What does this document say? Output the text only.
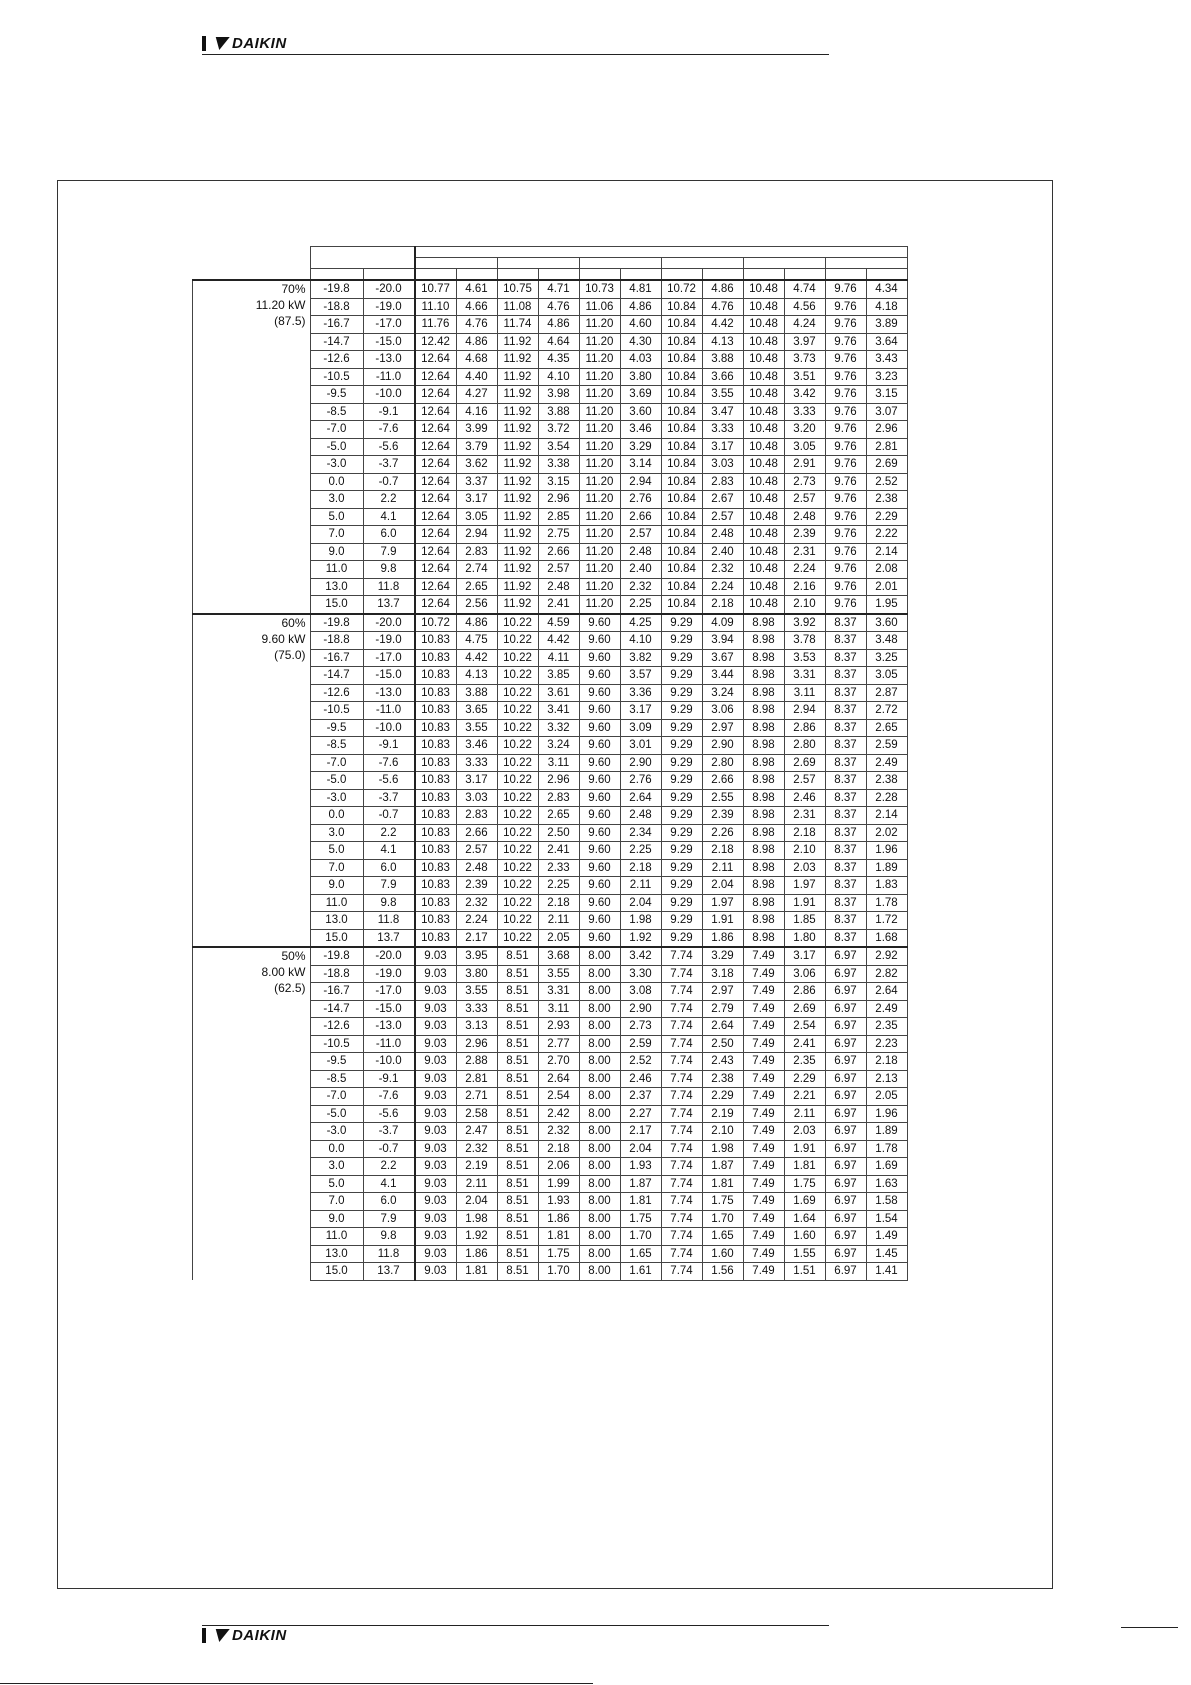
DAIKIN

70%
11.20 kW
(87.5)	-19.8	-20.0	10.77	4.61	10.75	4.71	10.73	4.81	10.72	4.86	10.48	4.74	9.76	4.34
	-18.8	-19.0	11.10	4.66	11.08	4.76	11.06	4.86	10.84	4.76	10.48	4.56	9.76	4.18
	-16.7	-17.0	11.76	4.76	11.74	4.86	11.20	4.60	10.84	4.42	10.48	4.24	9.76	3.89
	-14.7	-15.0	12.42	4.86	11.92	4.64	11.20	4.30	10.84	4.13	10.48	3.97	9.76	3.64
	-12.6	-13.0	12.64	4.68	11.92	4.35	11.20	4.03	10.84	3.88	10.48	3.73	9.76	3.43
	-10.5	-11.0	12.64	4.40	11.92	4.10	11.20	3.80	10.84	3.66	10.48	3.51	9.76	3.23
	-9.5	-10.0	12.64	4.27	11.92	3.98	11.20	3.69	10.84	3.55	10.48	3.42	9.76	3.15
	-8.5	-9.1	12.64	4.16	11.92	3.88	11.20	3.60	10.84	3.47	10.48	3.33	9.76	3.07
	-7.0	-7.6	12.64	3.99	11.92	3.72	11.20	3.46	10.84	3.33	10.48	3.20	9.76	2.96
	-5.0	-5.6	12.64	3.79	11.92	3.54	11.20	3.29	10.84	3.17	10.48	3.05	9.76	2.81
	-3.0	-3.7	12.64	3.62	11.92	3.38	11.20	3.14	10.84	3.03	10.48	2.91	9.76	2.69
	0.0	-0.7	12.64	3.37	11.92	3.15	11.20	2.94	10.84	2.83	10.48	2.73	9.76	2.52
	3.0	2.2	12.64	3.17	11.92	2.96	11.20	2.76	10.84	2.67	10.48	2.57	9.76	2.38
	5.0	4.1	12.64	3.05	11.92	2.85	11.20	2.66	10.84	2.57	10.48	2.48	9.76	2.29
	7.0	6.0	12.64	2.94	11.92	2.75	11.20	2.57	10.84	2.48	10.48	2.39	9.76	2.22
	9.0	7.9	12.64	2.83	11.92	2.66	11.20	2.48	10.84	2.40	10.48	2.31	9.76	2.14
	11.0	9.8	12.64	2.74	11.92	2.57	11.20	2.40	10.84	2.32	10.48	2.24	9.76	2.08
	13.0	11.8	12.64	2.65	11.92	2.48	11.20	2.32	10.84	2.24	10.48	2.16	9.76	2.01
	15.0	13.7	12.64	2.56	11.92	2.41	11.20	2.25	10.84	2.18	10.48	2.10	9.76	1.95

60%
9.60 kW
(75.0)	-19.8	-20.0	10.72	4.86	10.22	4.59	9.60	4.25	9.29	4.09	8.98	3.92	8.37	3.60
	-18.8	-19.0	10.83	4.75	10.22	4.42	9.60	4.10	9.29	3.94	8.98	3.78	8.37	3.48
	-16.7	-17.0	10.83	4.42	10.22	4.11	9.60	3.82	9.29	3.67	8.98	3.53	8.37	3.25
	-14.7	-15.0	10.83	4.13	10.22	3.85	9.60	3.57	9.29	3.44	8.98	3.31	8.37	3.05
	-12.6	-13.0	10.83	3.88	10.22	3.61	9.60	3.36	9.29	3.24	8.98	3.11	8.37	2.87
	-10.5	-11.0	10.83	3.65	10.22	3.41	9.60	3.17	9.29	3.06	8.98	2.94	8.37	2.72
	-9.5	-10.0	10.83	3.55	10.22	3.32	9.60	3.09	9.29	2.97	8.98	2.86	8.37	2.65
	-8.5	-9.1	10.83	3.46	10.22	3.24	9.60	3.01	9.29	2.90	8.98	2.80	8.37	2.59
	-7.0	-7.6	10.83	3.33	10.22	3.11	9.60	2.90	9.29	2.80	8.98	2.69	8.37	2.49
	-5.0	-5.6	10.83	3.17	10.22	2.96	9.60	2.76	9.29	2.66	8.98	2.57	8.37	2.38
	-3.0	-3.7	10.83	3.03	10.22	2.83	9.60	2.64	9.29	2.55	8.98	2.46	8.37	2.28
	0.0	-0.7	10.83	2.83	10.22	2.65	9.60	2.48	9.29	2.39	8.98	2.31	8.37	2.14
	3.0	2.2	10.83	2.66	10.22	2.50	9.60	2.34	9.29	2.26	8.98	2.18	8.37	2.02
	5.0	4.1	10.83	2.57	10.22	2.41	9.60	2.25	9.29	2.18	8.98	2.10	8.37	1.96
	7.0	6.0	10.83	2.48	10.22	2.33	9.60	2.18	9.29	2.11	8.98	2.03	8.37	1.89
	9.0	7.9	10.83	2.39	10.22	2.25	9.60	2.11	9.29	2.04	8.98	1.97	8.37	1.83
	11.0	9.8	10.83	2.32	10.22	2.18	9.60	2.04	9.29	1.97	8.98	1.91	8.37	1.78
	13.0	11.8	10.83	2.24	10.22	2.11	9.60	1.98	9.29	1.91	8.98	1.85	8.37	1.72
	15.0	13.7	10.83	2.17	10.22	2.05	9.60	1.92	9.29	1.86	8.98	1.80	8.37	1.68

50%
8.00 kW
(62.5)	-19.8	-20.0	9.03	3.95	8.51	3.68	8.00	3.42	7.74	3.29	7.49	3.17	6.97	2.92
	-18.8	-19.0	9.03	3.80	8.51	3.55	8.00	3.30	7.74	3.18	7.49	3.06	6.97	2.82
	-16.7	-17.0	9.03	3.55	8.51	3.31	8.00	3.08	7.74	2.97	7.49	2.86	6.97	2.64
	-14.7	-15.0	9.03	3.33	8.51	3.11	8.00	2.90	7.74	2.79	7.49	2.69	6.97	2.49
	-12.6	-13.0	9.03	3.13	8.51	2.93	8.00	2.73	7.74	2.64	7.49	2.54	6.97	2.35
	-10.5	-11.0	9.03	2.96	8.51	2.77	8.00	2.59	7.74	2.50	7.49	2.41	6.97	2.23
	-9.5	-10.0	9.03	2.88	8.51	2.70	8.00	2.52	7.74	2.43	7.49	2.35	6.97	2.18
	-8.5	-9.1	9.03	2.81	8.51	2.64	8.00	2.46	7.74	2.38	7.49	2.29	6.97	2.13
	-7.0	-7.6	9.03	2.71	8.51	2.54	8.00	2.37	7.74	2.29	7.49	2.21	6.97	2.05
	-5.0	-5.6	9.03	2.58	8.51	2.42	8.00	2.27	7.74	2.19	7.49	2.11	6.97	1.96
	-3.0	-3.7	9.03	2.47	8.51	2.32	8.00	2.17	7.74	2.10	7.49	2.03	6.97	1.89
	0.0	-0.7	9.03	2.32	8.51	2.18	8.00	2.04	7.74	1.98	7.49	1.91	6.97	1.78
	3.0	2.2	9.03	2.19	8.51	2.06	8.00	1.93	7.74	1.87	7.49	1.81	6.97	1.69
	5.0	4.1	9.03	2.11	8.51	1.99	8.00	1.87	7.74	1.81	7.49	1.75	6.97	1.63
	7.0	6.0	9.03	2.04	8.51	1.93	8.00	1.81	7.74	1.75	7.49	1.69	6.97	1.58
	9.0	7.9	9.03	1.98	8.51	1.86	8.00	1.75	7.74	1.70	7.49	1.64	6.97	1.54
	11.0	9.8	9.03	1.92	8.51	1.81	8.00	1.70	7.74	1.65	7.49	1.60	6.97	1.49
	13.0	11.8	9.03	1.86	8.51	1.75	8.00	1.65	7.74	1.60	7.49	1.55	6.97	1.45
	15.0	13.7	9.03	1.81	8.51	1.70	8.00	1.61	7.74	1.56	7.49	1.51	6.97	1.41
DAIKIN
